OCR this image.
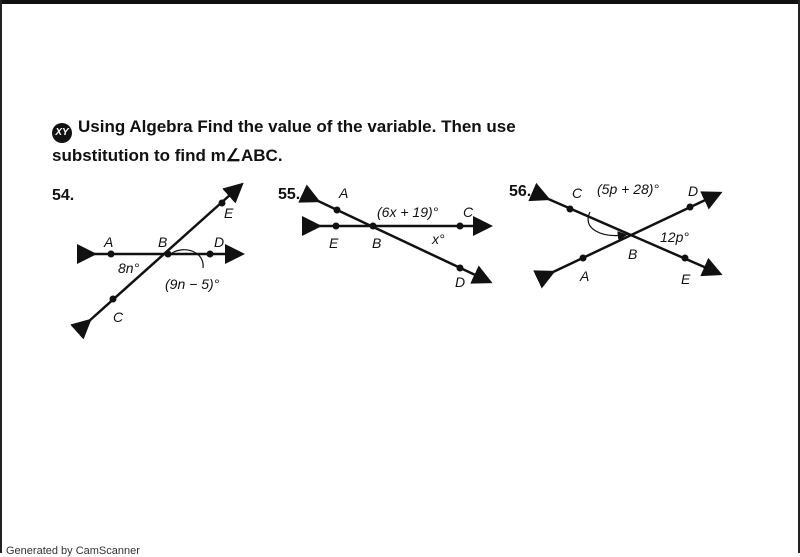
XY Using Algebra Find the value of the variable. Then use
substitution to find m∠ABC.
54.	55.	56.
A	B	D
E
C
8n°
(9n − 5)°
A
E B
C
D
(6x + 19)°
x°
C	D
B
A	E
(5p + 28)°
12p°
Generated by CamScanner
